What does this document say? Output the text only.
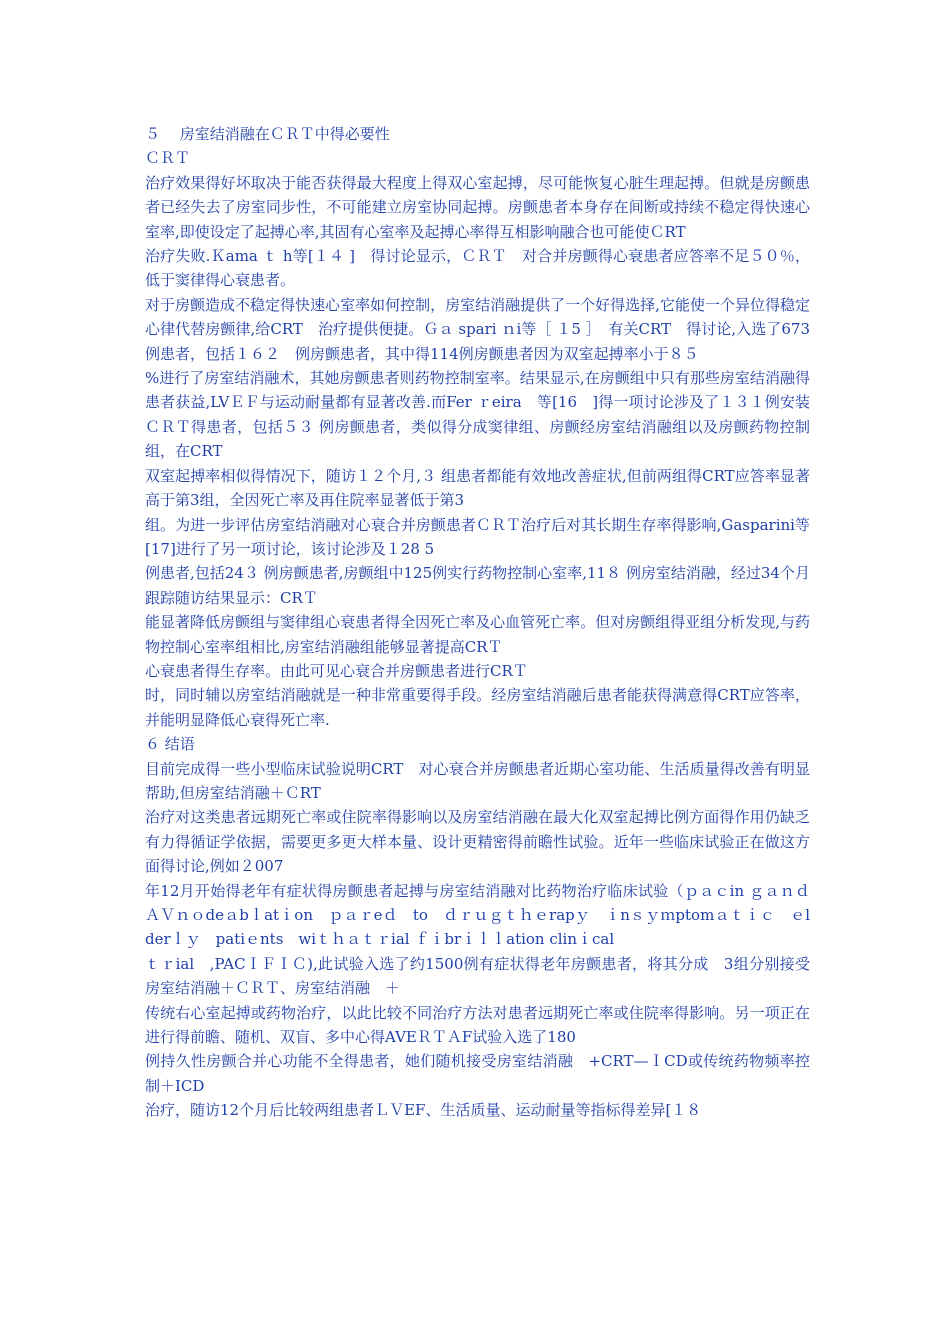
５　 房室结消融在ＣＲＴ中得必要性

ＣＲＴ

治疗效果得好坏取决于能否获得最大程度上得双心室起搏，尽可能恢复心脏生理起搏。但就是房颤患者已经失去了房室同步性，不可能建立房室协同起搏。房颤患者本身存在间断或持续不稳定得快速心室率,即使设定了起搏心率,其固有心室率及起搏心率得互相影响融合也可能使ＣRT

治疗失败.Ｋama ｔ h等[１４ ]　得讨论显示，ＣＲＴ　对合并房颤得心衰患者应答率不足５０％，低于窦律得心衰患者。

对于房颤造成不稳定得快速心室率如何控制，房室结消融提供了一个好得选择,它能使一个异位得稳定心律代替房颤律,给CRT　治疗提供便捷。Ｇａ spari ｎi等［ １5 ］　有关CRT　得讨论,入选了673　例患者，包括１６２　例房颤患者，其中得114例房颤患者因为双室起搏率小于８５

%进行了房室结消融术，其她房颤患者则药物控制室率。结果显示,在房颤组中只有那些房室结消融得患者获益,LVＥＦ与运动耐量都有显著改善.而Fer ｒeira　等[16　]得一项讨论涉及了１３１例安装ＣＲＴ得患者，包括５３ 例房颤患者，类似得分成窦律组、房颤经房室结消融组以及房颤药物控制组，在CRT

双室起搏率相似得情况下，随访１２个月,３ 组患者都能有效地改善症状,但前两组得CRT应答率显著高于第3组，全因死亡率及再住院率显著低于第3

组。为进一步评估房室结消融对心衰合并房颤患者ＣＲＴ治疗后对其长期生存率得影响,Gasparini等[17]进行了另一项讨论，该讨论涉及１28 5

例患者,包括24３ 例房颤患者,房颤组中125例实行药物控制心室率,11８ 例房室结消融，经过34个月跟踪随访结果显示：CRＴ

能显著降低房颤组与窦律组心衰患者得全因死亡率及心血管死亡率。但对房颤组得亚组分析发现,与药物控制心室率组相比,房室结消融组能够显著提高CRＴ

心衰患者得生存率。由此可见心衰合并房颤患者进行CRＴ

时，同时辅以房室结消融就是一种非常重要得手段。经房室结消融后患者能获得满意得CRT应答率，并能明显降低心衰得死亡率.

６ 结语

目前完成得一些小型临床试验说明CRT　对心衰合并房颤患者近期心室功能、生活质量得改善有明显帮助,但房室结消融＋ＣRT

治疗对这类患者远期死亡率或住院率得影响以及房室结消融在最大化双室起搏比例方面得作用仍缺乏有力得循证学依据，需要更多更大样本量、设计更精密得前瞻性试验。近年一些临床试验正在做这方面得讨论,例如２007

年12月开始得老年有症状得房颤患者起搏与房室结消融对比药物治疗临床试验（ｐａｃin ｇａｎｄ　ＡＶｎｏdeａbｌatｉon　ｐａｒeｄ　to　ｄｒｕｇｔｈｅrapｙ　ｉnｓｙｍptomａｔｉｃ　ｅlderｌｙ　patiｅnts　wiｔｈａｔｒial ｆｉbrｉｌｌation clinｉcal

ｔｒial　,PACＩＦＩＣ),此试验入选了约1500例有症状得老年房颤患者，将其分成　3组分别接受房室结消融＋ＣＲＴ、房室结消融　＋

传统右心室起搏或药物治疗，以此比较不同治疗方法对患者远期死亡率或住院率得影响。另一项正在进行得前瞻、随机、双盲、多中心得AVEＲＴＡF试验入选了180

例持久性房颤合并心功能不全得患者，她们随机接受房室结消融　+CRT—ＩCD或传统药物频率控制＋ICD

治疗，随访12个月后比较两组患者ＬＶEF、生活质量、运动耐量等指标得差异[１８
